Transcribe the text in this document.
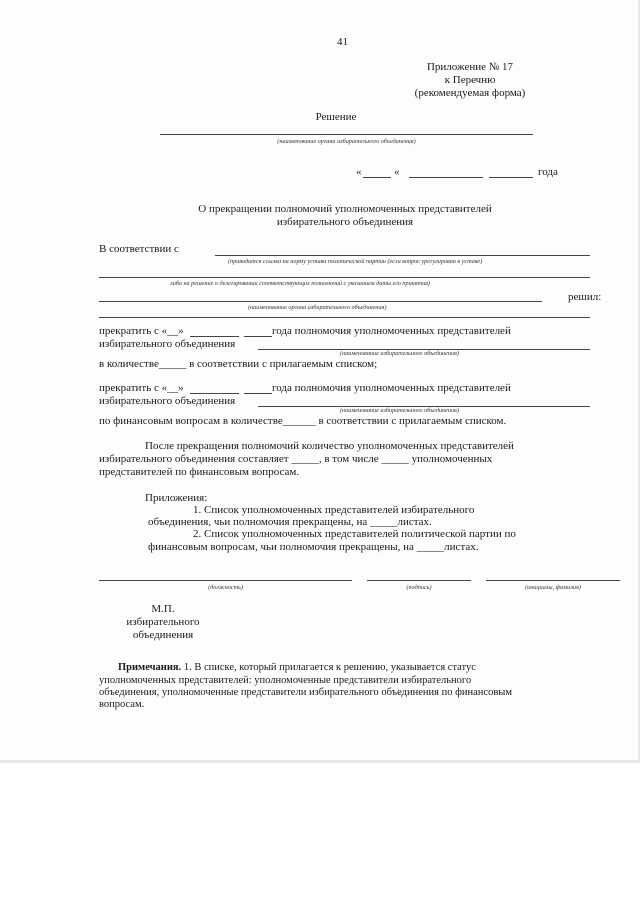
41
Приложение № 17
к Перечню
(рекомендуемая форма)
Решение
(наименование органа избирательного объединения)
«	«	года
О прекращении полномочий уполномоченных представителей
избирательного объединения
В соответствии с
(приводится ссылка на норму устава политической партии (если вопрос урегулирован в уставе)
либо на решение о делегировании соответствующих полномочий с указанием даты его принятия)
решил:
(наименование органа избирательного объединения)
прекратить с «__»	года полномочия уполномоченных представителей
избирательного объединения
(наименование избирательного объединения)
в количестве_____ в соответствии с прилагаемым списком;
прекратить с «__»	года полномочия уполномоченных представителей
избирательного объединения
(наименование избирательного объединения)
по финансовым вопросам в количестве______ в соответствии с прилагаемым списком.
После прекращения полномочий количество уполномоченных представителей
избирательного объединения составляет _____, в том числе _____ уполномоченных
представителей по финансовым вопросам.
Приложения:
1. Список уполномоченных представителей избирательного
объединения, чьи полномочия прекращены, на _____листах.
2. Список уполномоченных представителей политической партии по
финансовым вопросам, чьи полномочия прекращены, на _____листах.
(должность)	(подпись)	(инициалы, фамилия)
М.П.
избирательного
объединения
Примечания. 1. В списке, который прилагается к решению, указывается статус
уполномоченных представителей: уполномоченные представители избирательного
объединения, уполномоченные представители избирательного объединения по финансовым
вопросам.
